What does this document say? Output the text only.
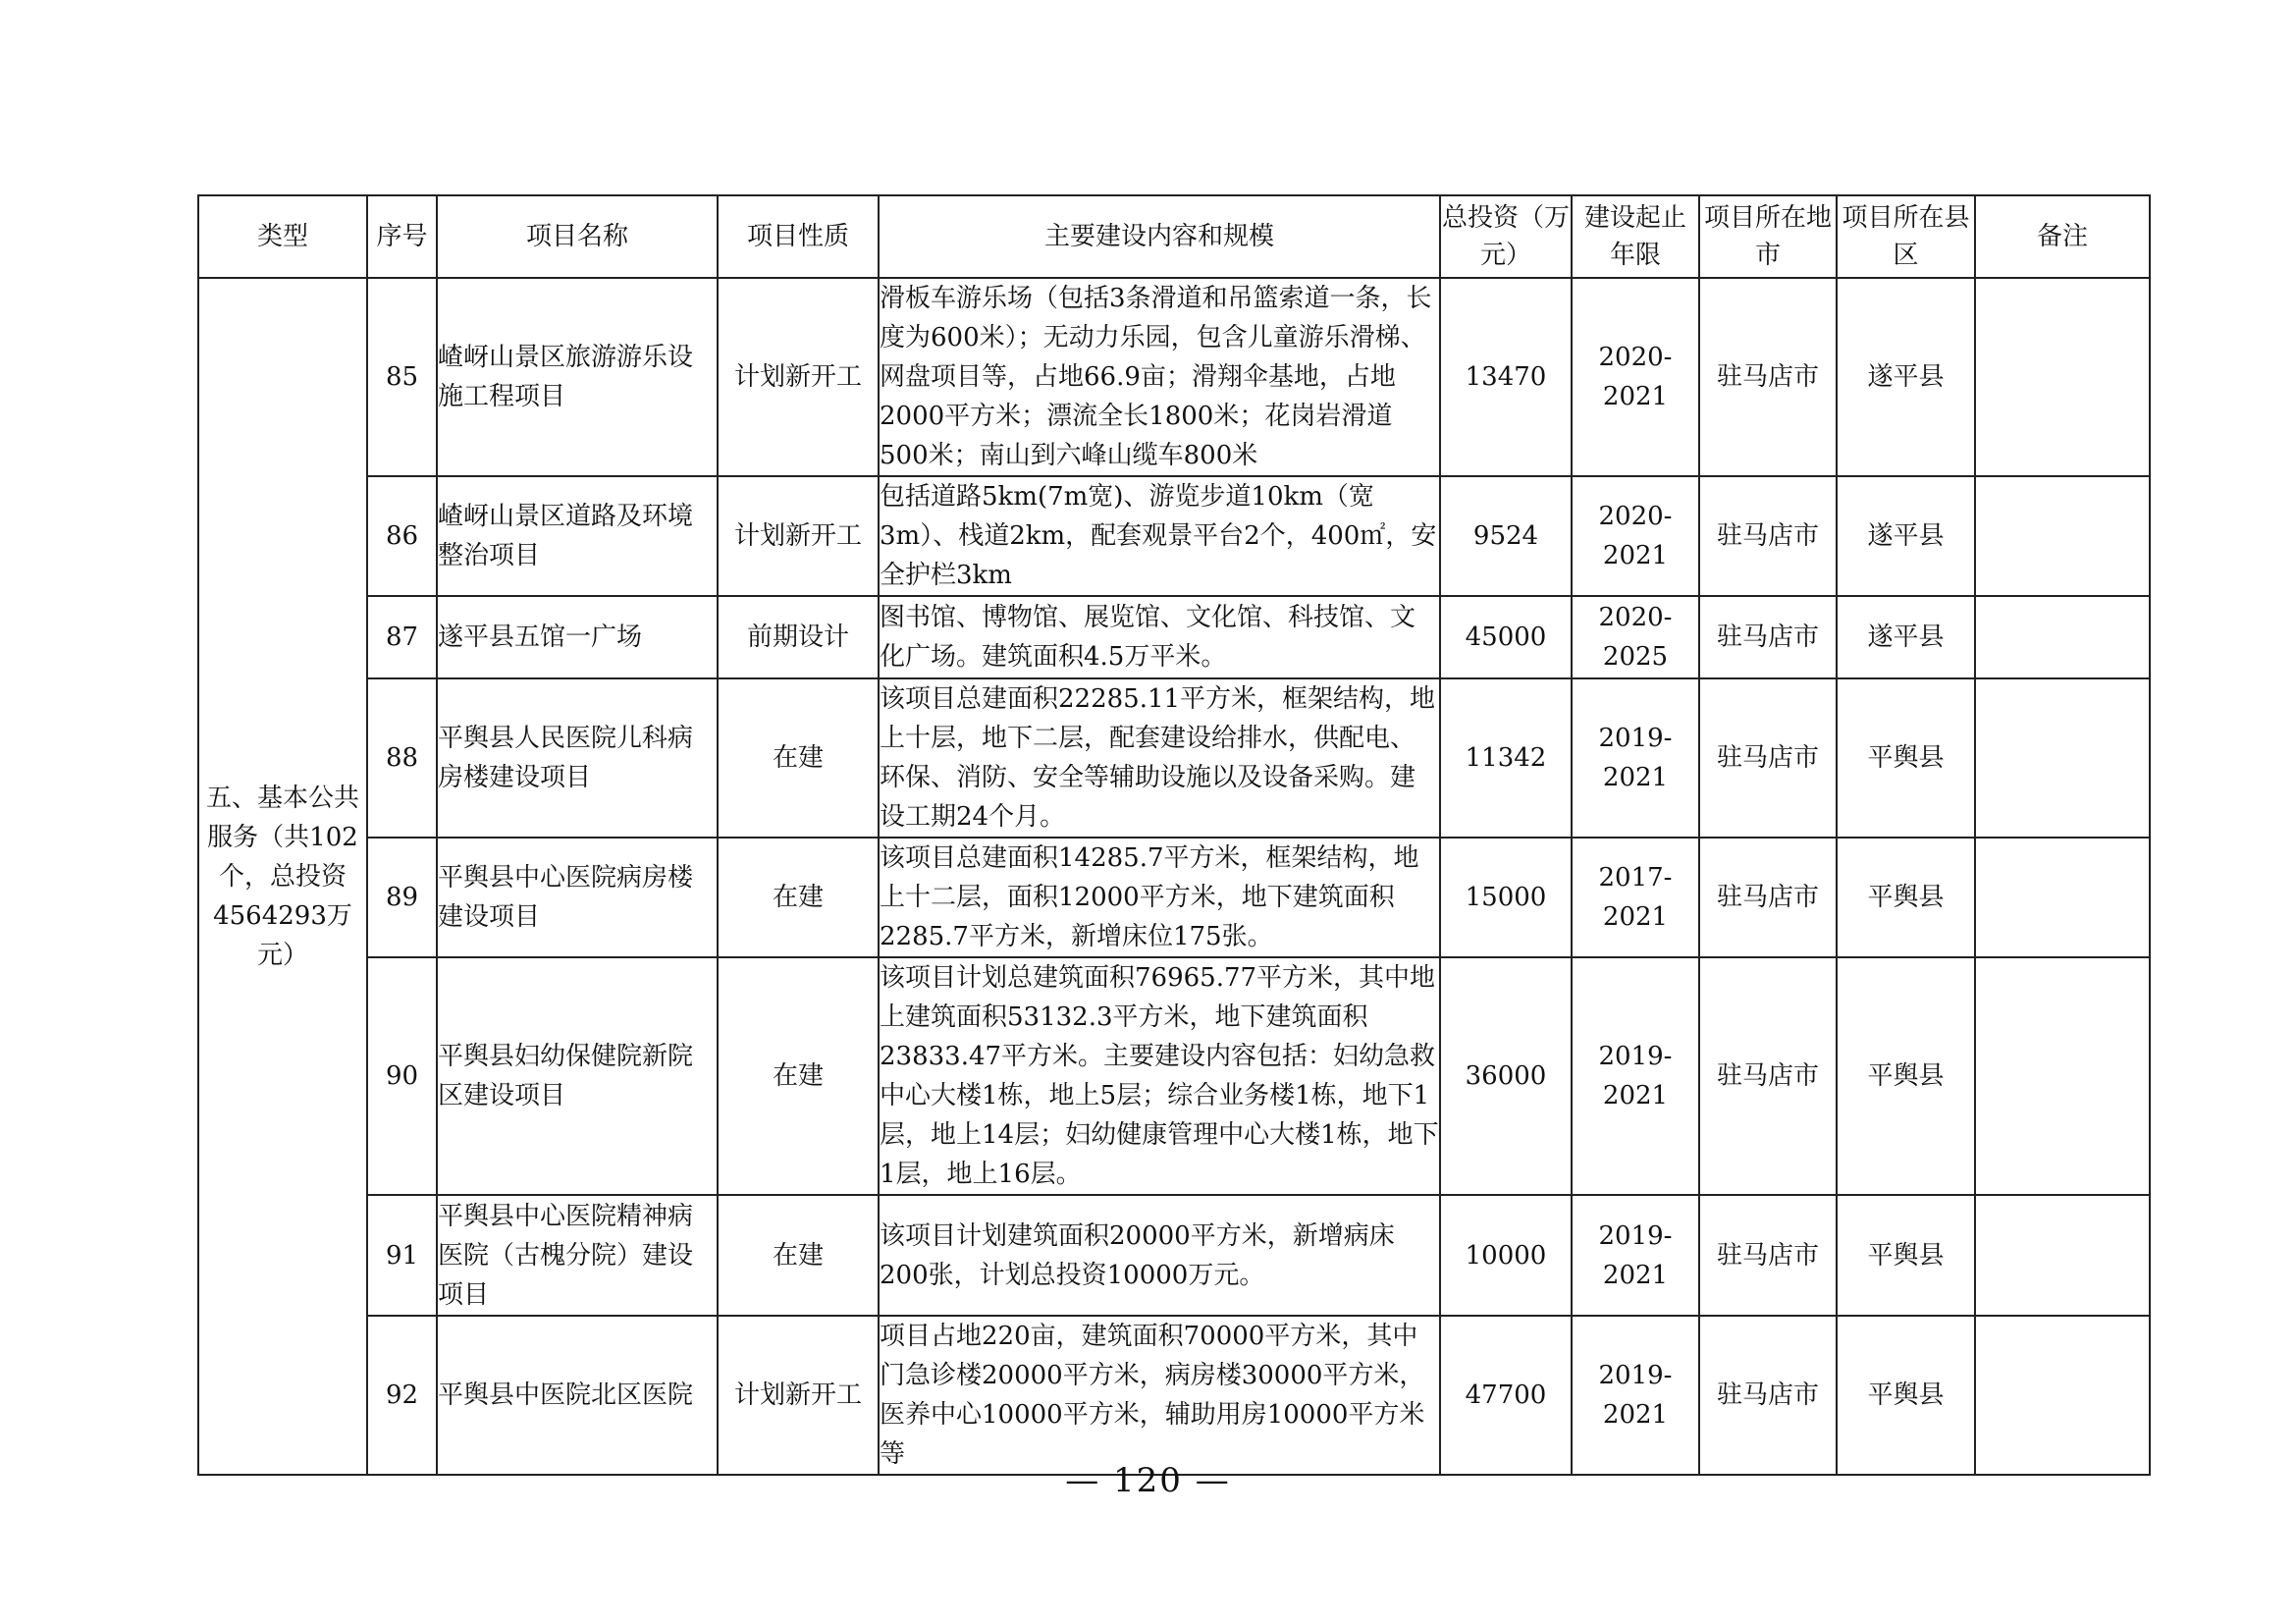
类型	序号	项目名称	项目性质	主要建设内容和规模	总投资（万元）	建设起止年限	项目所在地市	项目所在县区	备注
五、基本公共服务（共102个，总投资4564293万元）	85	嵖岈山景区旅游游乐设施工程项目	计划新开工	滑板车游乐场（包括3条滑道和吊篮索道一条，长度为600米）；无动力乐园，包含儿童游乐滑梯、网盘项目等，占地66.9亩；滑翔伞基地，占地2000平方米；漂流全长1800米；花岗岩滑道500米；南山到六峰山缆车800米	13470	2020-2021	驻马店市	遂平县	
	86	嵖岈山景区道路及环境整治项目	计划新开工	包括道路5km(7m宽)、游览步道10km（宽3m）、栈道2km，配套观景平台2个，400㎡，安全护栏3km	9524	2020-2021	驻马店市	遂平县	
	87	遂平县五馆一广场	前期设计	图书馆、博物馆、展览馆、文化馆、科技馆、文化广场。建筑面积4.5万平米。	45000	2020-2025	驻马店市	遂平县	
	88	平舆县人民医院儿科病房楼建设项目	在建	该项目总建面积22285.11平方米，框架结构，地上十层，地下二层，配套建设给排水，供配电、环保、消防、安全等辅助设施以及设备采购。建设工期24个月。	11342	2019-2021	驻马店市	平舆县	
	89	平舆县中心医院病房楼建设项目	在建	该项目总建面积14285.7平方米，框架结构，地上十二层，面积12000平方米，地下建筑面积2285.7平方米，新增床位175张。	15000	2017-2021	驻马店市	平舆县	
	90	平舆县妇幼保健院新院区建设项目	在建	该项目计划总建筑面积76965.77平方米，其中地上建筑面积53132.3平方米，地下建筑面积23833.47平方米。主要建设内容包括：妇幼急救中心大楼1栋，地上5层；综合业务楼1栋，地下1层，地上14层；妇幼健康管理中心大楼1栋，地下1层，地上16层。	36000	2019-2021	驻马店市	平舆县	
	91	平舆县中心医院精神病医院（古槐分院）建设项目	在建	该项目计划建筑面积20000平方米，新增病床200张，计划总投资10000万元。	10000	2019-2021	驻马店市	平舆县	
	92	平舆县中医院北区医院	计划新开工	项目占地220亩，建筑面积70000平方米，其中门急诊楼20000平方米，病房楼30000平方米，医养中心10000平方米，辅助用房10000平方米等	47700	2019-2021	驻马店市	平舆县	
— 120 —
